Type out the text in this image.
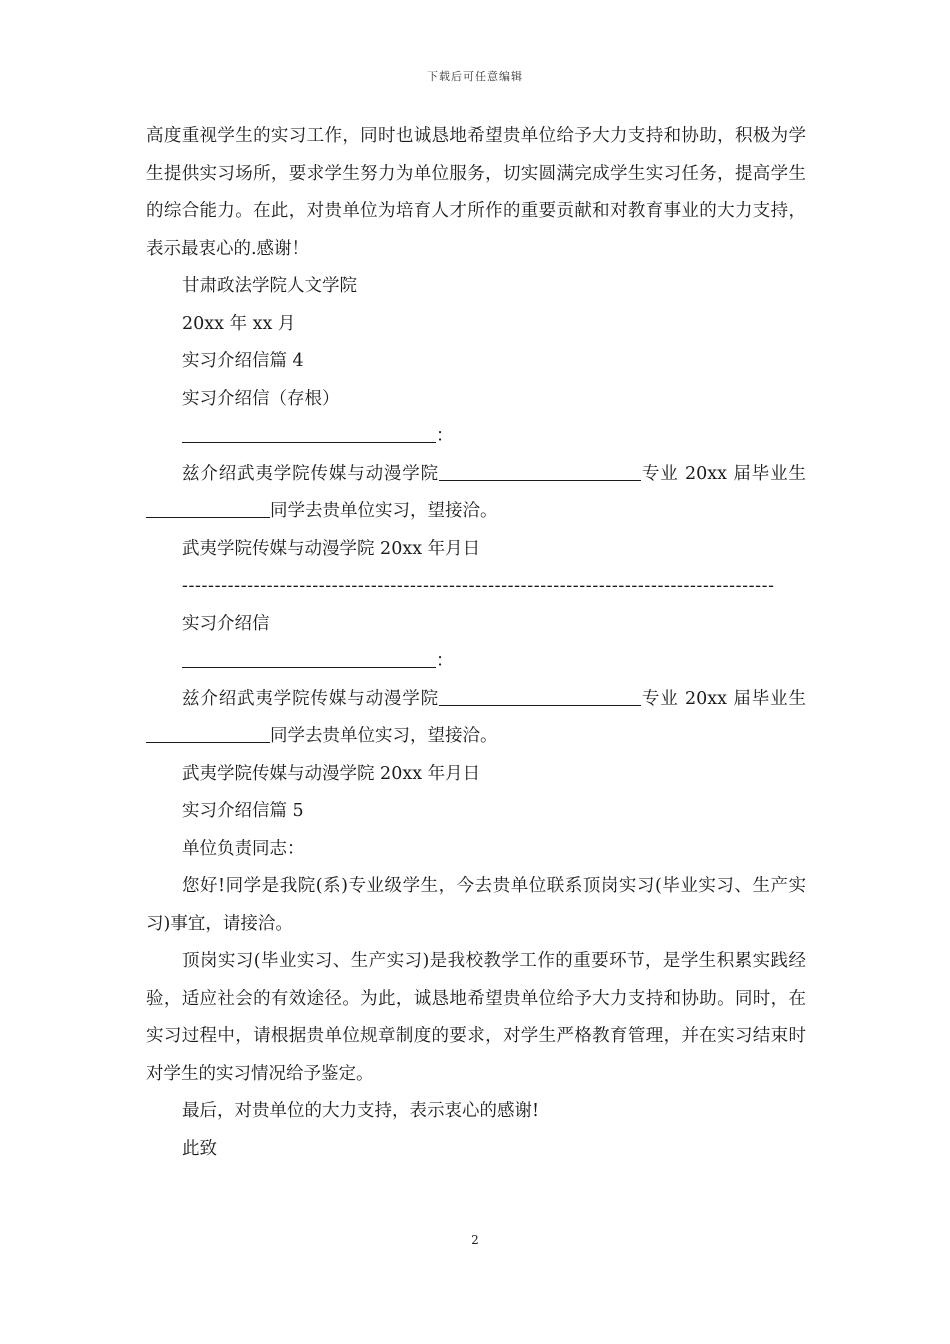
下载后可任意编辑

高度重视学生的实习工作，同时也诚恳地希望贵单位给予大力支持和协助，积极为学生提供实习场所，要求学生努力为单位服务，切实圆满完成学生实习任务，提高学生的综合能力。在此，对贵单位为培育人才所作的重要贡献和对教育事业的大力支持，表示最衷心的.感谢！

甘肃政法学院人文学院

20xx 年 xx 月

实习介绍信篇 4

实习介绍信（存根）

：

兹介绍武夷学院传媒与动漫学院	专业 20xx 届毕业生同学去贵单位实习，望接洽。

武夷学院传媒与动漫学院 20xx 年月日

-------------------------------------------------------------------------------------------

实习介绍信

：

兹介绍武夷学院传媒与动漫学院	专业 20xx 届毕业生同学去贵单位实习，望接洽。

武夷学院传媒与动漫学院 20xx 年月日

实习介绍信篇 5

单位负责同志：

您好!同学是我院(系)专业级学生，今去贵单位联系顶岗实习(毕业实习、生产实习)事宜，请接洽。

顶岗实习(毕业实习、生产实习)是我校教学工作的重要环节，是学生积累实践经验，适应社会的有效途径。为此，诚恳地希望贵单位给予大力支持和协助。同时，在实习过程中，请根据贵单位规章制度的要求，对学生严格教育管理，并在实习结束时对学生的实习情况给予鉴定。

最后，对贵单位的大力支持，表示衷心的感谢!

此致

2
